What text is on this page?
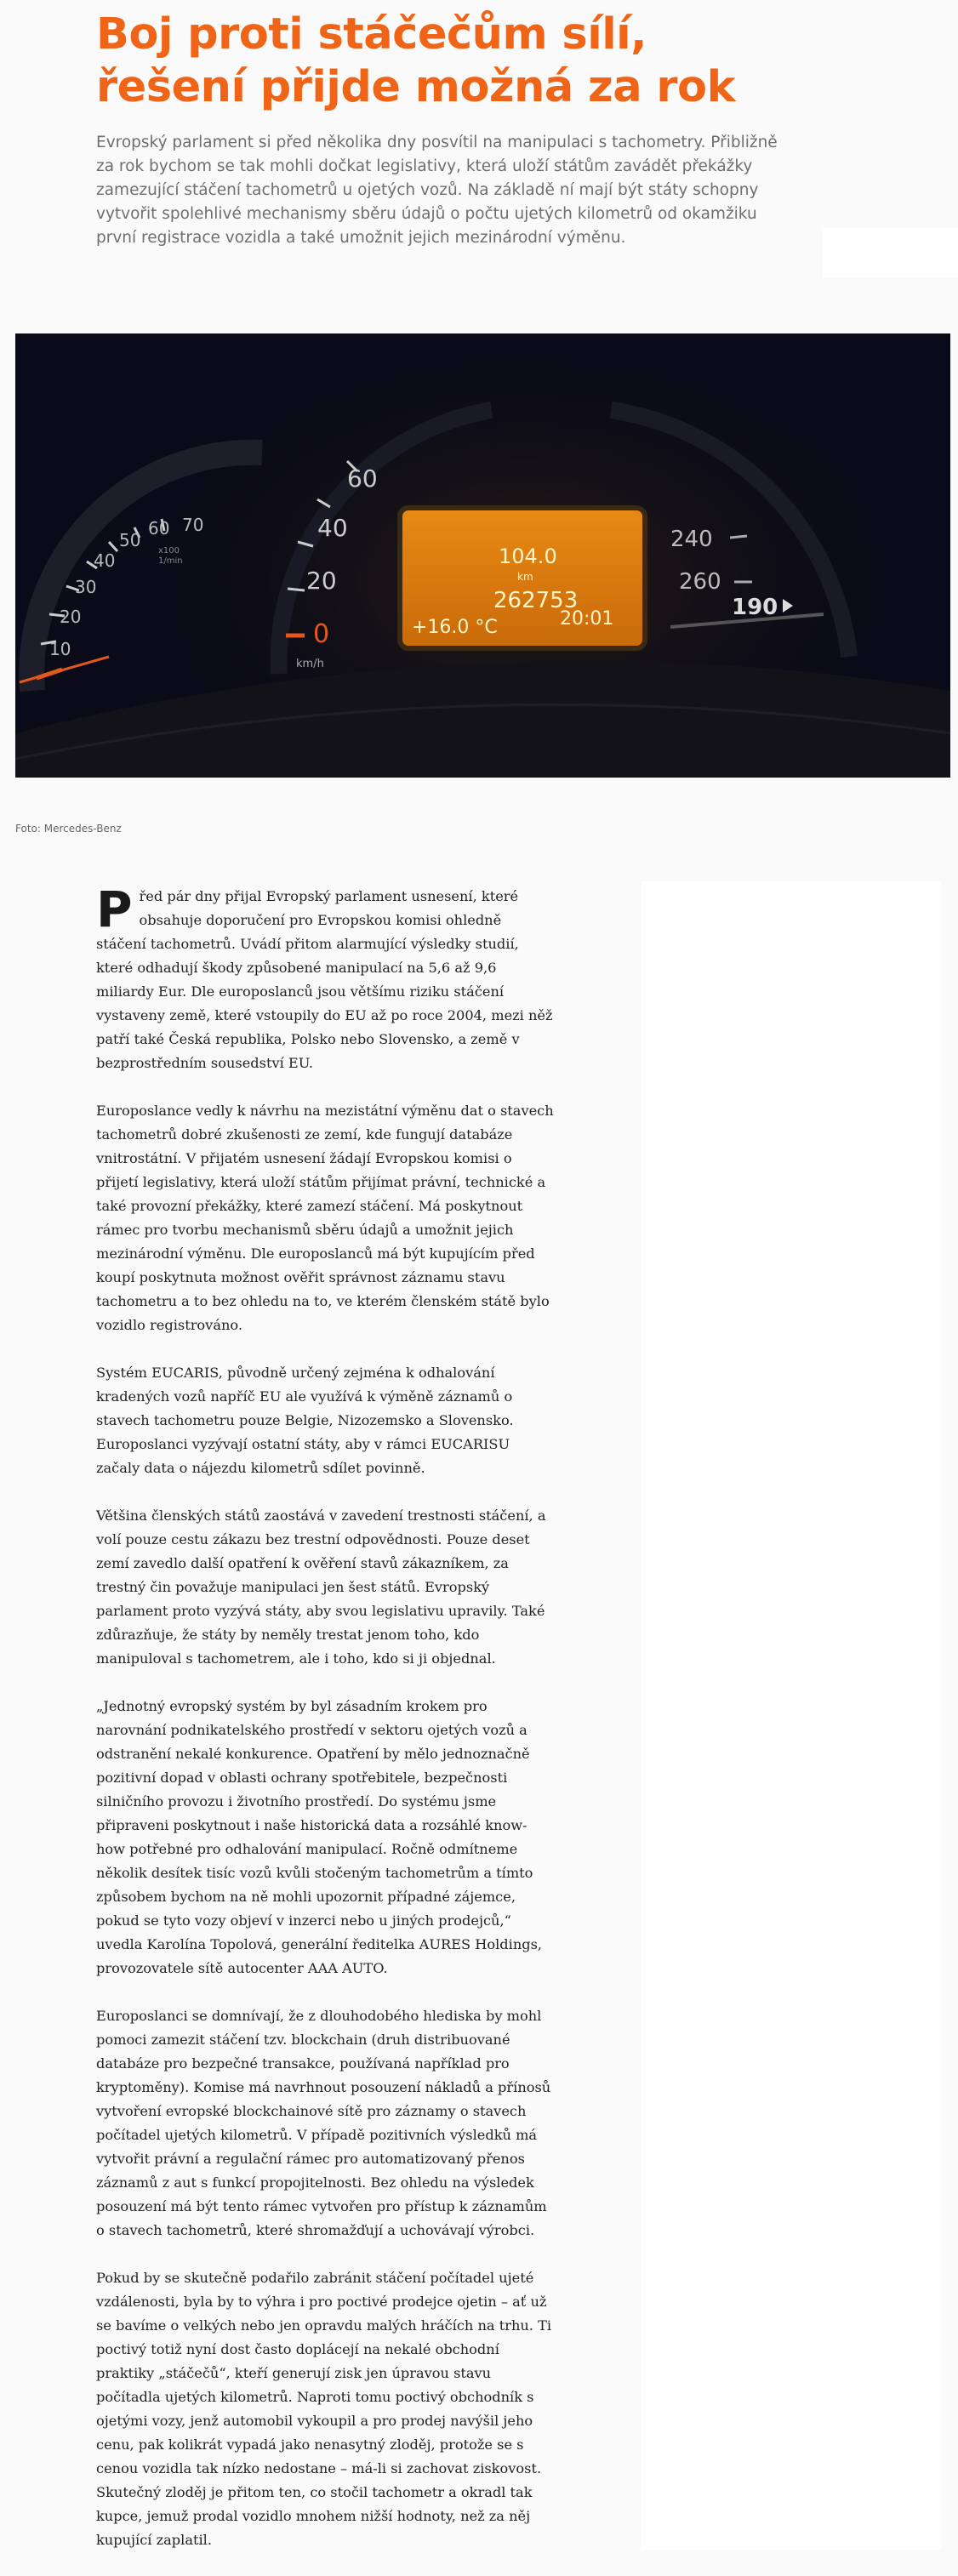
Boj proti stáčečům sílí, řešení přijde možná za rok

Evropský parlament si před několika dny posvítil na manipulaci s tachometry. Přibližně za rok bychom se tak mohli dočkat legislativy, která uloží státům zavádět překážky zamezující stáčení tachometrů u ojetých vozů. Na základě ní mají být státy schopny vytvořit spolehlivé mechanismy sběru údajů o počtu ujetých kilometrů od okamžiku první registrace vozidla a také umožnit jejich mezinárodní výměnu.

10
20
30
40
50
60 70
x100
1/min
0
20
40
60
km/h
104.0
km
262753
+16.0 °C	20:01
240
260
190
Foto: Mercedes-Benz

Před pár dny přijal Evropský parlament usnesení, které obsahuje doporučení pro Evropskou komisi ohledně stáčení tachometrů. Uvádí přitom alarmující výsledky studií, které odhadují škody způsobené manipulací na 5,6 až 9,6 miliardy Eur. Dle europoslanců jsou většímu riziku stáčení vystaveny země, které vstoupily do EU až po roce 2004, mezi něž patří také Česká republika, Polsko nebo Slovensko, a země v bezprostředním sousedství EU.

Europoslance vedly k návrhu na mezistátní výměnu dat o stavech tachometrů dobré zkušenosti ze zemí, kde fungují databáze vnitrostátní. V přijatém usnesení žádají Evropskou komisi o přijetí legislativy, která uloží státům přijímat právní, technické a také provozní překážky, které zamezí stáčení. Má poskytnout rámec pro tvorbu mechanismů sběru údajů a umožnit jejich mezinárodní výměnu. Dle europoslanců má být kupujícím před koupí poskytnuta možnost ověřit správnost záznamu stavu tachometru a to bez ohledu na to, ve kterém členském státě bylo vozidlo registrováno.

Systém EUCARIS, původně určený zejména k odhalování kradených vozů napříč EU ale využívá k výměně záznamů o stavech tachometru pouze Belgie, Nizozemsko a Slovensko. Europoslanci vyzývají ostatní státy, aby v rámci EUCARISU začaly data o nájezdu kilometrů sdílet povinně.

Většina členských států zaostává v zavedení trestnosti stáčení, a volí pouze cestu zákazu bez trestní odpovědnosti. Pouze deset zemí zavedlo další opatření k ověření stavů zákazníkem, za trestný čin považuje manipulaci jen šest států. Evropský parlament proto vyzývá státy, aby svou legislativu upravily. Také zdůrazňuje, že státy by neměly trestat jenom toho, kdo manipuloval s tachometrem, ale i toho, kdo si ji objednal.

„Jednotný evropský systém by byl zásadním krokem pro narovnání podnikatelského prostředí v sektoru ojetých vozů a odstranění nekalé konkurence. Opatření by mělo jednoznačně pozitivní dopad v oblasti ochrany spotřebitele, bezpečnosti silničního provozu i životního prostředí. Do systému jsme připraveni poskytnout i naše historická data a rozsáhlé know-how potřebné pro odhalování manipulací. Ročně odmítneme několik desítek tisíc vozů kvůli stočeným tachometrům a tímto způsobem bychom na ně mohli upozornit případné zájemce, pokud se tyto vozy objeví v inzerci nebo u jiných prodejců,“ uvedla Karolína Topolová, generální ředitelka AURES Holdings, provozovatele sítě autocenter AAA AUTO.

Europoslanci se domnívají, že z dlouhodobého hlediska by mohl pomoci zamezit stáčení tzv. blockchain (druh distribuované databáze pro bezpečné transakce, používaná například pro kryptoměny). Komise má navrhnout posouzení nákladů a přínosů vytvoření evropské blockchainové sítě pro záznamy o stavech počítadel ujetých kilometrů. V případě pozitivních výsledků má vytvořit právní a regulační rámec pro automatizovaný přenos záznamů z aut s funkcí propojitelnosti. Bez ohledu na výsledek posouzení má být tento rámec vytvořen pro přístup k záznamům o stavech tachometrů, které shromažďují a uchovávají výrobci.

Pokud by se skutečně podařilo zabránit stáčení počítadel ujeté vzdálenosti, byla by to výhra i pro poctivé prodejce ojetin – ať už se bavíme o velkých nebo jen opravdu malých hráčích na trhu. Ti poctivý totiž nyní dost často doplácejí na nekalé obchodní praktiky „stáčečů“, kteří generují zisk jen úpravou stavu počítadla ujetých kilometrů. Naproti tomu poctivý obchodník s ojetými vozy, jenž automobil vykoupil a pro prodej navýšil jeho cenu, pak kolikrát vypadá jako nenasytný zloděj, protože se s cenou vozidla tak nízko nedostane – má-li si zachovat ziskovost. Skutečný zloděj je přitom ten, co stočil tachometr a okradl tak kupce, jemuž prodal vozidlo mnohem nižší hodnoty, než za něj kupující zaplatil.
